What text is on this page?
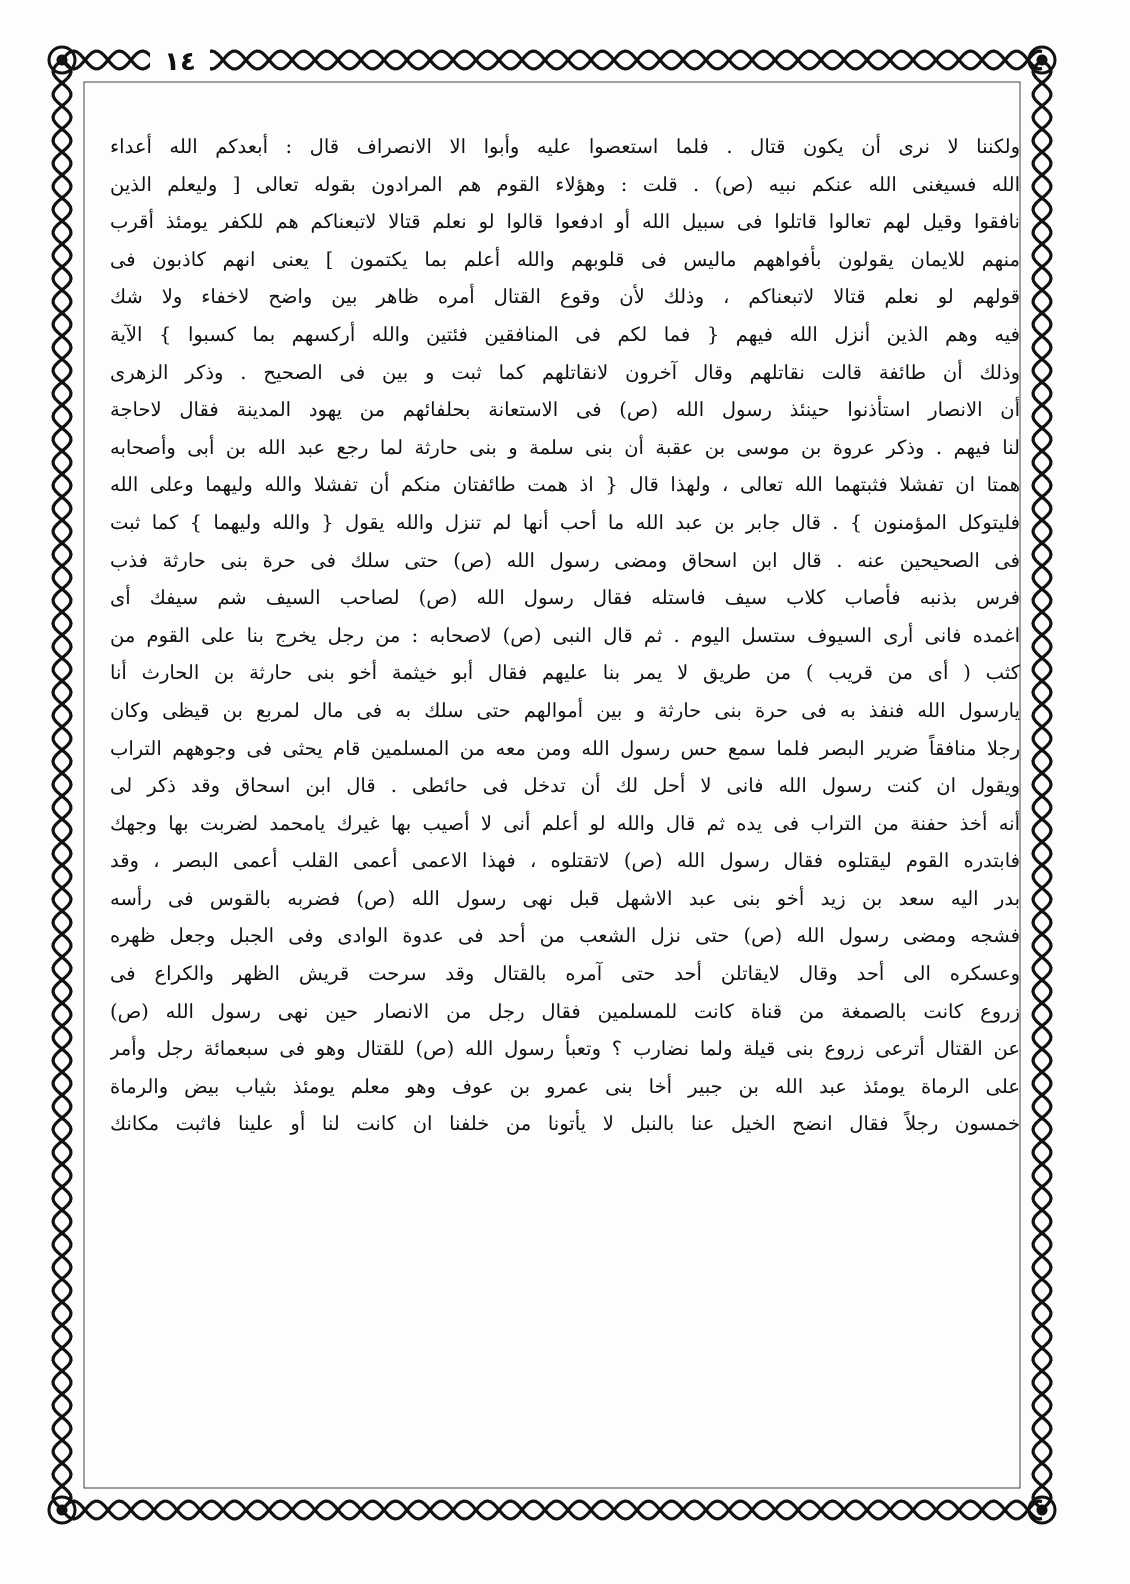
١٤
ولكننا لا نرى أن يكون قتال . فلما استعصوا عليه وأبوا الا الانصراف قال : أبعدكم الله أعداء
الله فسيغنى الله عنكم نبيه (ص) . قلت : وهؤلاء القوم هم المرادون بقوله تعالى [ وليعلم الذين
نافقوا وقيل لهم تعالوا قاتلوا فى سبيل الله أو ادفعوا قالوا لو نعلم قتالا لاتبعناكم هم للكفر يومئذ أقرب
منهم للايمان يقولون بأفواههم ماليس فى قلوبهم والله أعلم بما يكتمون ] يعنى انهم كاذبون فى
قولهم لو نعلم قتالا لاتبعناكم ، وذلك لأن وقوع القتال أمره ظاهر بين واضح لاخفاء ولا شك
فيه وهم الذين أنزل الله فيهم { فما لكم فى المنافقين فئتين والله أركسهم بما كسبوا } الآية
وذلك أن طائفة قالت نقاتلهم وقال آخرون لانقاتلهم كما ثبت و بين فى الصحيح . وذكر الزهرى
أن الانصار استأذنوا حينئذ رسول الله (ص) فى الاستعانة بحلفائهم من يهود المدينة فقال لاحاجة
لنا فيهم . وذكر عروة بن موسى بن عقبة أن بنى سلمة و بنى حارثة لما رجع عبد الله بن أبى وأصحابه
همتا ان تفشلا فثبتهما الله تعالى ، ولهذا قال { اذ همت طائفتان منكم أن تفشلا والله وليهما وعلى الله
فليتوكل المؤمنون } . قال جابر بن عبد الله ما أحب أنها لم تنزل والله يقول { والله وليهما } كما ثبت
فى الصحيحين عنه . قال ابن اسحاق ومضى رسول الله (ص) حتى سلك فى حرة بنى حارثة فذب
فرس بذنبه فأصاب كلاب سيف فاستله فقال رسول الله (ص) لصاحب السيف شم سيفك أى
اغمده فانى أرى السيوف ستسل اليوم . ثم قال النبى (ص) لاصحابه : من رجل يخرج بنا على القوم من
كثب ( أى من قريب ) من طريق لا يمر بنا عليهم فقال أبو خيثمة أخو بنى حارثة بن الحارث أنا
يارسول الله فنفذ به فى حرة بنى حارثة و بين أموالهم حتى سلك به فى مال لمربع بن قيظى وكان
رجلا منافقاً ضرير البصر فلما سمع حس رسول الله ومن معه من المسلمين قام يحثى فى وجوههم التراب
ويقول ان كنت رسول الله فانى لا أحل لك أن تدخل فى حائطى . قال ابن اسحاق وقد ذكر لى
أنه أخذ حفنة من التراب فى يده ثم قال والله لو أعلم أنى لا أصيب بها غيرك يامحمد لضربت بها وجهك
فابتدره القوم ليقتلوه فقال رسول الله (ص) لاتقتلوه ، فهذا الاعمى أعمى القلب أعمى البصر ، وقد
بدر اليه سعد بن زيد أخو بنى عبد الاشهل قبل نهى رسول الله (ص) فضربه بالقوس فى رأسه
فشجه ومضى رسول الله (ص) حتى نزل الشعب من أحد فى عدوة الوادى وفى الجبل وجعل ظهره
وعسكره الى أحد وقال لايقاتلن أحد حتى آمره بالقتال وقد سرحت قريش الظهر والكراع فى
زروع كانت بالصمغة من قناة كانت للمسلمين فقال رجل من الانصار حين نهى رسول الله (ص)
عن القتال أترعى زروع بنى قيلة ولما نضارب ؟ وتعبأ رسول الله (ص) للقتال وهو فى سبعمائة رجل وأمر
على الرماة يومئذ عبد الله بن جبير أخا بنى عمرو بن عوف وهو معلم يومئذ بثياب بيض والرماة
خمسون رجلاً فقال انضح الخيل عنا بالنبل لا يأتونا من خلفنا ان كانت لنا أو علينا فاثبت مكانك
